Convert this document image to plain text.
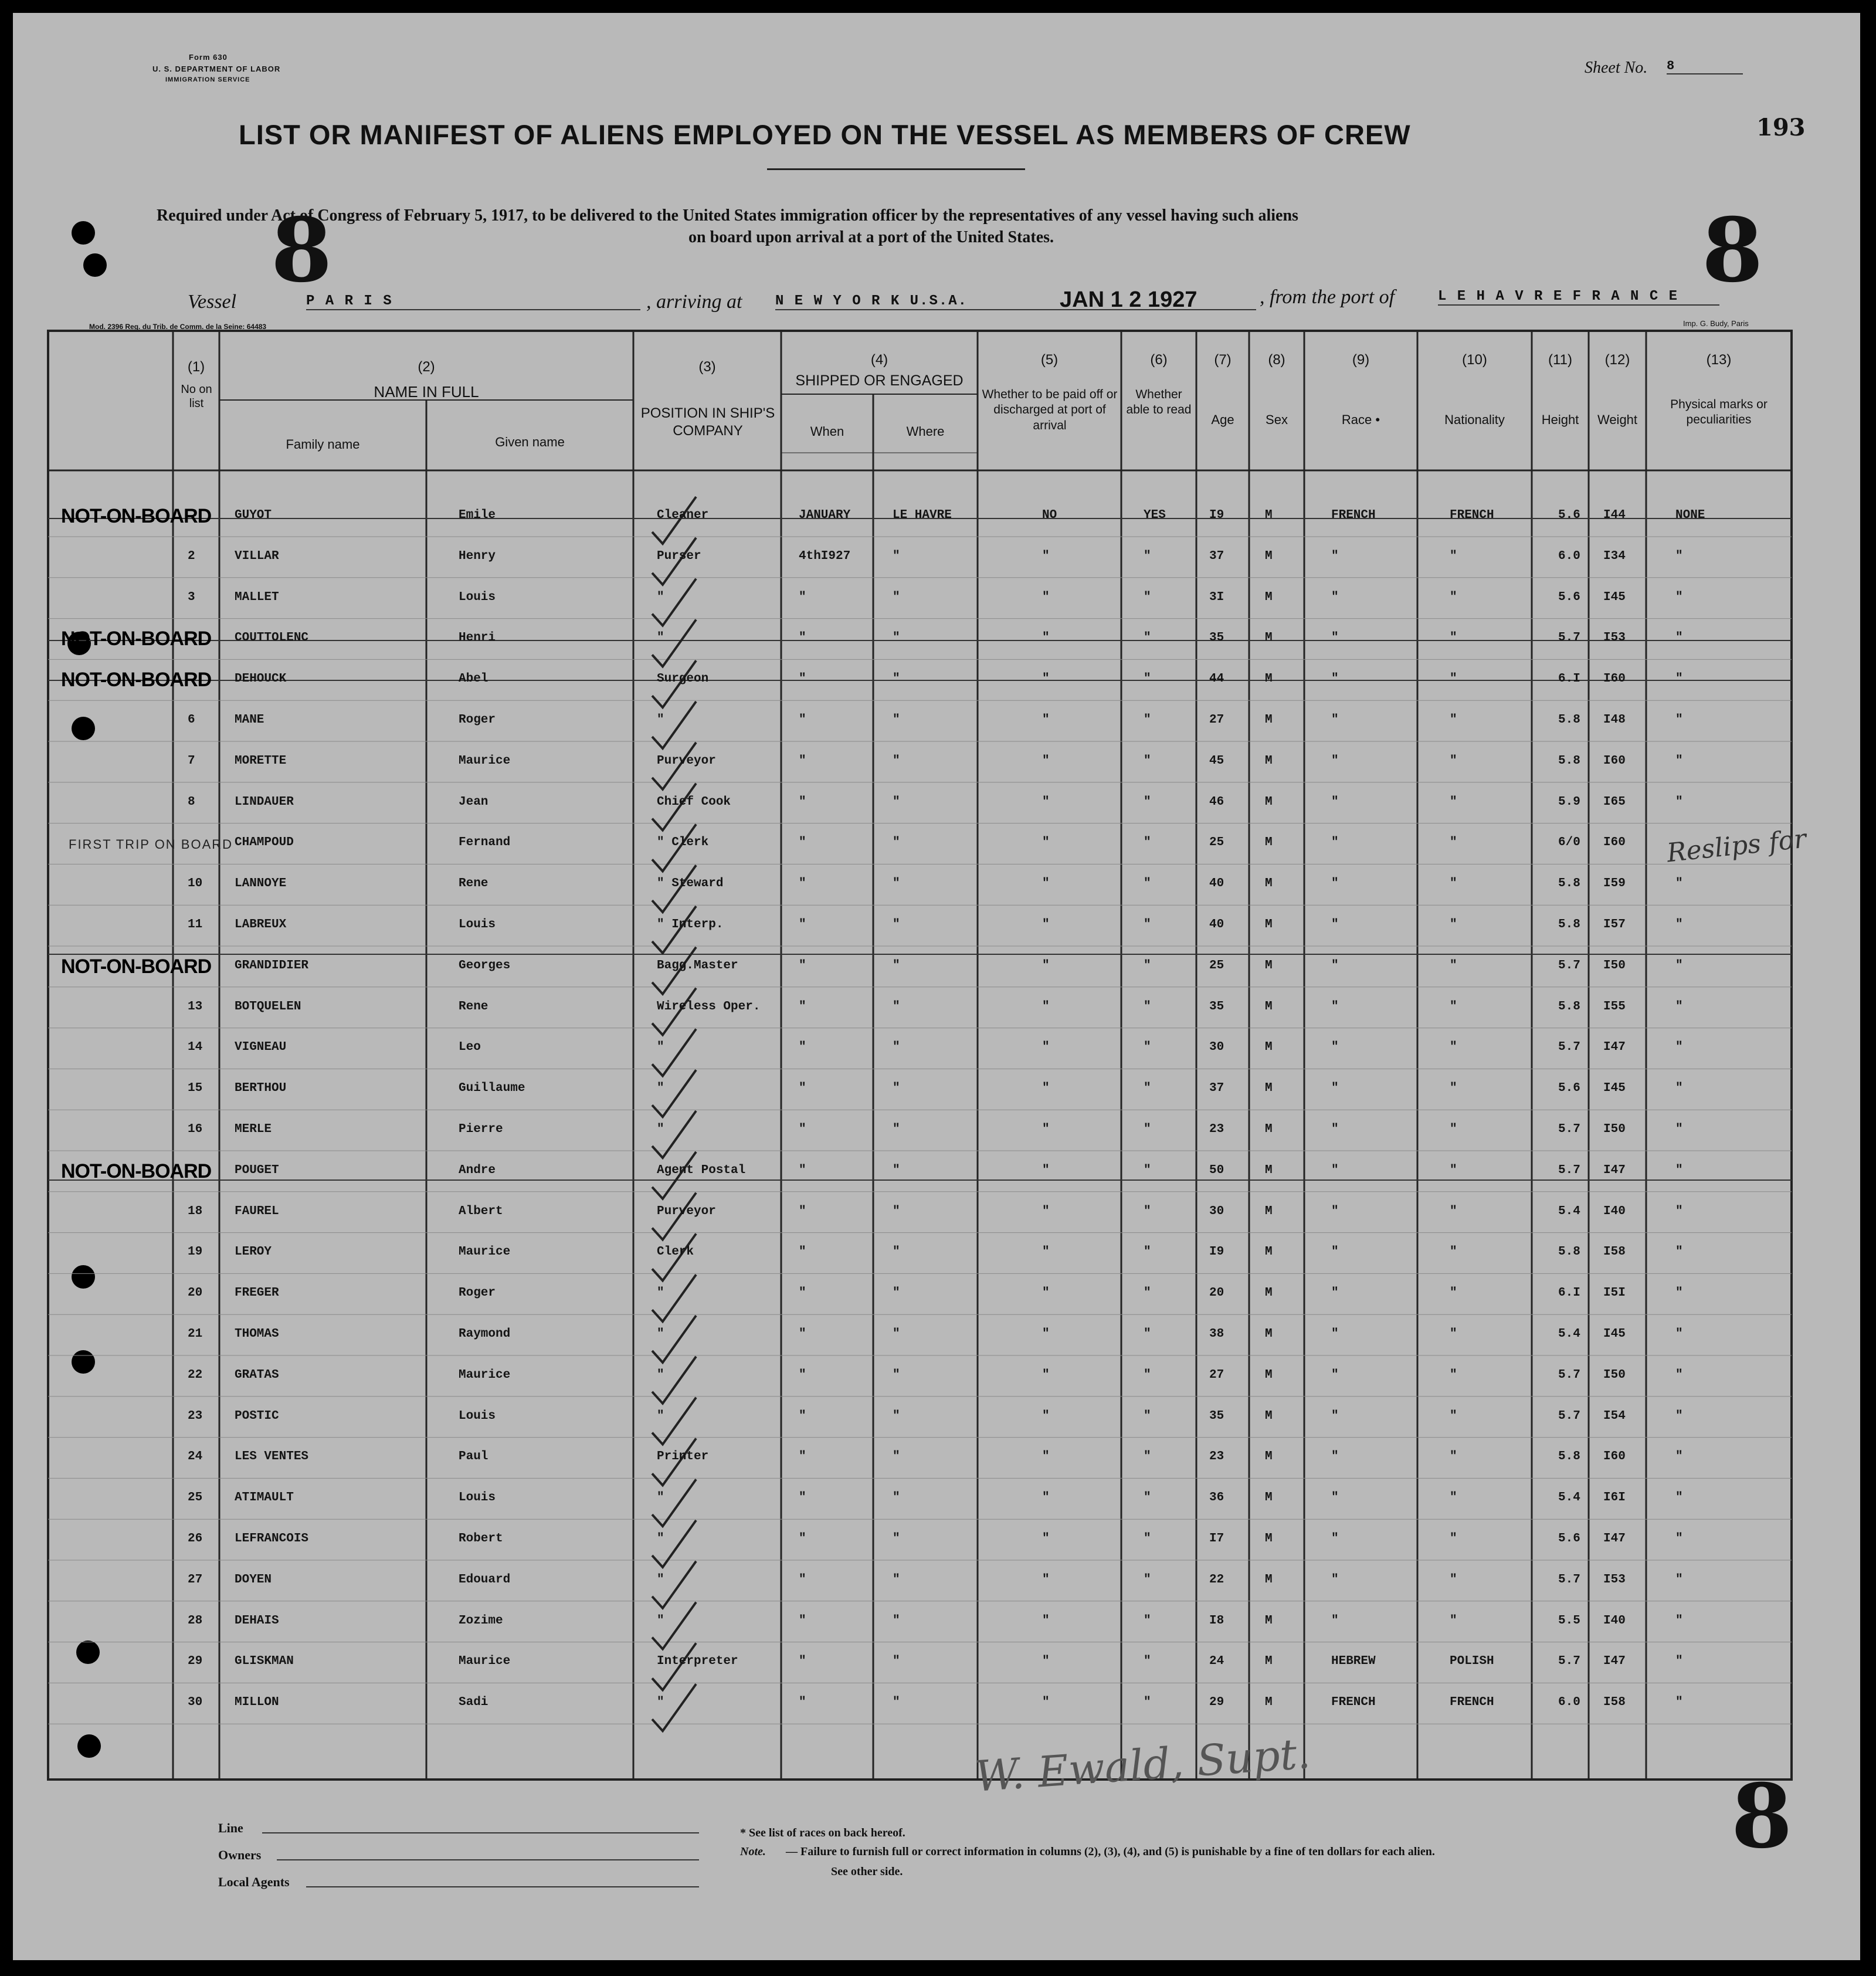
Form 630
U. S. DEPARTMENT OF LABOR
IMMIGRATION SERVICE
Sheet No. 8
193
LIST OR MANIFEST OF ALIENS EMPLOYED ON THE VESSEL AS MEMBERS OF CREW
Required under Act of Congress of February 5, 1917, to be delivered to the United States immigration officer by the representatives of any vessel having such aliens
on board upon arrival at a port of the United States.
8	8
8
Vessel	P A R I S	, arriving at N E W Y O R K U.S.A.	JAN 1 2 1927	, from the port of	L E H A V R E F R A N C E
Mod. 2396 Reg. du Trib. de Comm. de la Seine: 64483	Imp. G. Budy, Paris
(1)
No on list
(2)
NAME IN FULL
Family name	Given name
(3)
POSITION IN SHIP'S COMPANY
(4)
SHIPPED OR ENGAGED
When	Where
(5)
Whether to be paid off or discharged at port of arrival
(6)
Whether able to read
(7)
Age
(8)
Sex
(9)
Race •
(10)
Nationality
(11)
Height
(12)
Weight
(13)
Physical marks or peculiarities
GUYOT	Emile	Cleaner	JANUARY	LE HAVRE	NO	YES	I9	M	FRENCH	FRENCH	5.6 I44	NONE
NOT-ON-BOARD
2	VILLAR	Henry	Purser	4thI927	"	"	"	37	M	"	"	6.0 I34	"
3	MALLET	Louis	"	"	"	"	"	3I	M	"	"	5.6 I45	"
COUTTOLENC	Henri	"	"	"	"	"	35	M	"	"	5.7 I53	"
NOT-ON-BOARD
DEHOUCK	Abel	Surgeon	"	"	"	"	44	M	"	"	6.I I60	"
NOT-ON-BOARD
6	MANE	Roger	"	"	"	"	"	27	M	"	"	5.8 I48	"
7	MORETTE	Maurice	Purveyor	"	"	"	"	45	M	"	"	5.8 I60	"
8	LINDAUER	Jean	Chief Cook	"	"	"	"	46	M	"	"	5.9 I65	"
CHAMPOUD	Fernand	" Clerk	"	"	"	"	25	M	"	"	6/0 I60
FIRST TRIP ON BOARD
10	LANNOYE	Rene	" Steward	"	"	"	"	40	M	"	"	5.8 I59	"
11	LABREUX	Louis	" Interp.	"	"	"	"	40	M	"	"	5.8 I57	"
GRANDIDIER	Georges	Bagg.Master	"	"	"	"	25	M	"	"	5.7 I50	"
NOT-ON-BOARD
13	BOTQUELEN	Rene	Wireless Oper.	"	"	"	"	35	M	"	"	5.8 I55	"
14	VIGNEAU	Leo	"	"	"	"	"	30	M	"	"	5.7 I47	"
15	BERTHOU	Guillaume	"	"	"	"	"	37	M	"	"	5.6 I45	"
16	MERLE	Pierre	"	"	"	"	"	23	M	"	"	5.7 I50	"
POUGET	Andre	Agent Postal	"	"	"	"	50	M	"	"	5.7 I47	"
NOT-ON-BOARD
18	FAUREL	Albert	Purveyor	"	"	"	"	30	M	"	"	5.4 I40	"
19	LEROY	Maurice	Clerk	"	"	"	"	I9	M	"	"	5.8 I58	"
20	FREGER	Roger	"	"	"	"	"	20	M	"	"	6.I I5I	"
21	THOMAS	Raymond	"	"	"	"	"	38	M	"	"	5.4 I45	"
22	GRATAS	Maurice	"	"	"	"	"	27	M	"	"	5.7 I50	"
23	POSTIC	Louis	"	"	"	"	"	35	M	"	"	5.7 I54	"
24	LES VENTES	Paul	Printer	"	"	"	"	23	M	"	"	5.8 I60	"
25	ATIMAULT	Louis	"	"	"	"	"	36	M	"	"	5.4 I6I	"
26	LEFRANCOIS	Robert	"	"	"	"	"	I7	M	"	"	5.6 I47	"
27	DOYEN	Edouard	"	"	"	"	"	22	M	"	"	5.7 I53	"
28	DEHAIS	Zozime	"	"	"	"	"	I8	M	"	"	5.5 I40	"
29	GLISKMAN	Maurice	Interpreter	"	"	"	"	24	M	HEBREW	POLISH	5.7 I47	"
30	MILLON	Sadi	"	"	"	"	"	29	M	FRENCH	FRENCH	6.0 I58	"
Reslips for
W. Ewald, Supt.
Line
Owners
Local Agents
* See list of races on back hereof.
Note. — Failure to furnish full or correct information in columns (2), (3), (4), and (5) is punishable by a fine of ten dollars for each alien.
See other side.
